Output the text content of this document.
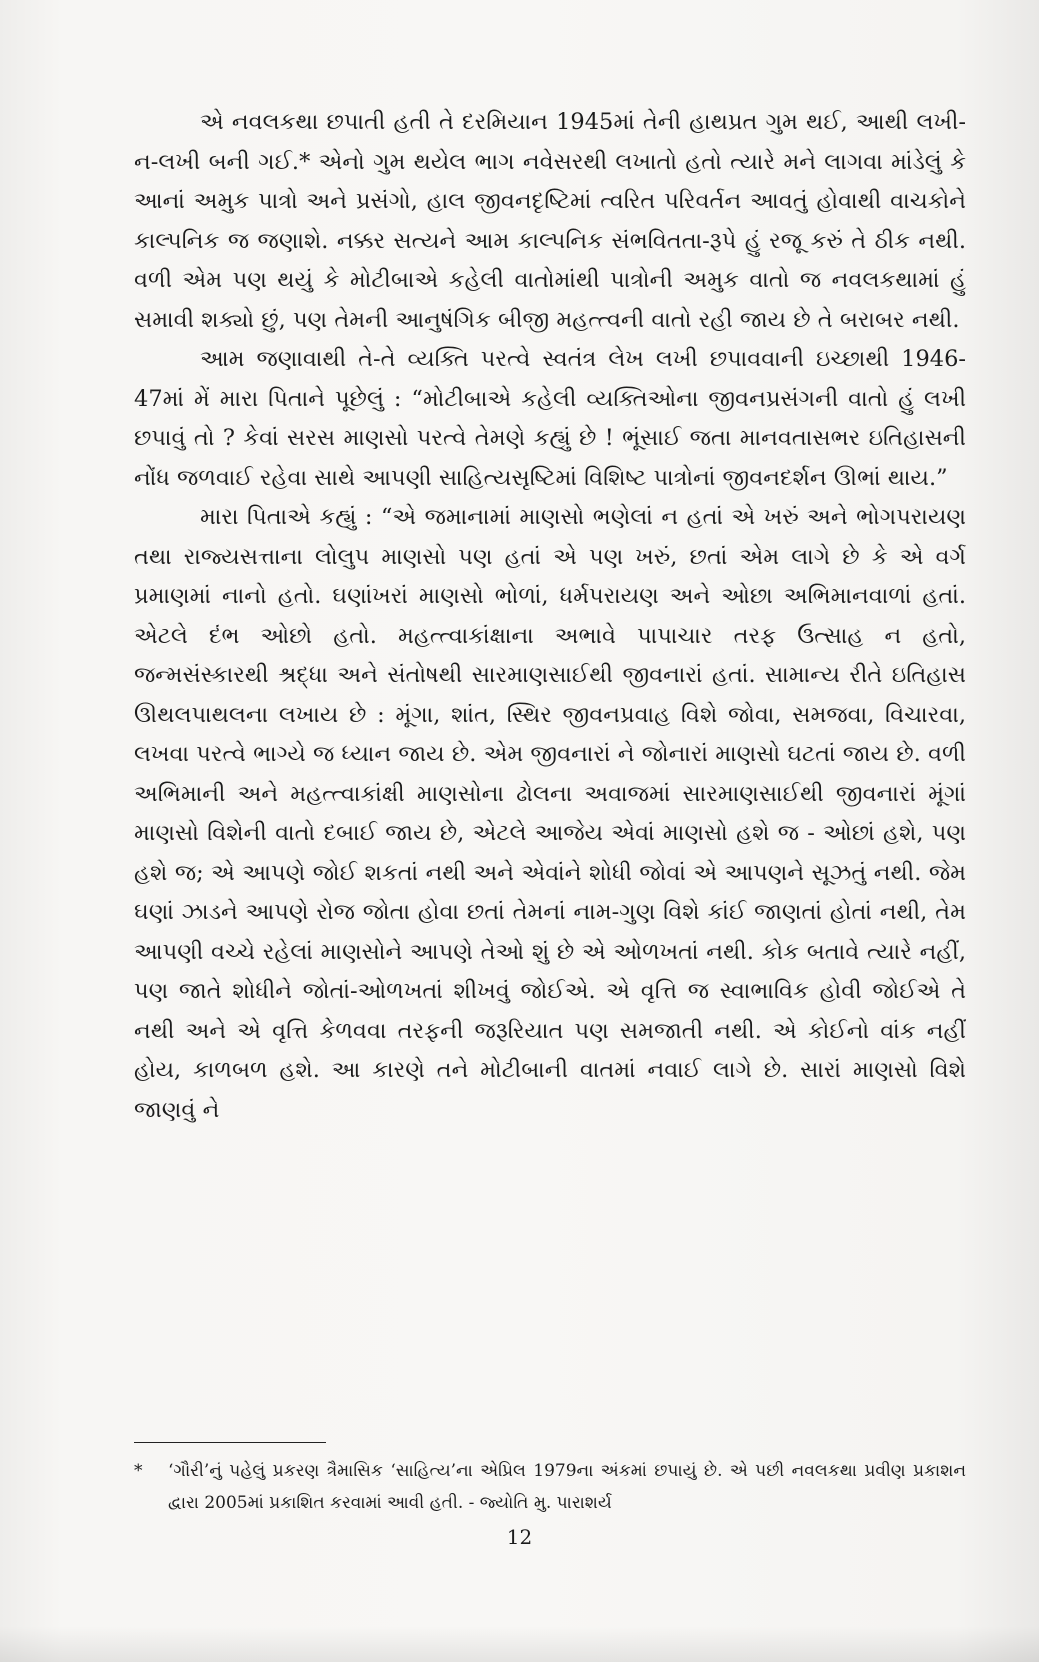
એ નવલકથા છપાતી હતી તે દરમિયાન 1945માં તેની હાથપ્રત ગુમ થઈ, આથી લખી-ન-લખી બની ગઈ.* એનો ગુમ થયેલ ભાગ નવેસરથી લખાતો હતો ત્યારે મને લાગવા માંડેલું કે આનાં અમુક પાત્રો અને પ્રસંગો, હાલ જીવનદૃષ્ટિમાં ત્વરિત પરિવર્તન આવતું હોવાથી વાચકોને કાલ્પનિક જ જણાશે. નક્કર સત્યને આમ કાલ્પનિક સંભવિતતા-રૂપે હું રજૂ કરું તે ઠીક નથી. વળી એમ પણ થયું કે મોટીબાએ કહેલી વાતોમાંથી પાત્રોની અમુક વાતો જ નવલકથામાં હું સમાવી શક્યો છું, પણ તેમની આનુષંગિક બીજી મહત્ત્વની વાતો રહી જાય છે તે બરાબર નથી.

આમ જણાવાથી તે-તે વ્યક્તિ પરત્વે સ્વતંત્ર લેખ લખી છપાવવાની ઇચ્છાથી 1946-47માં મેં મારા પિતાને પૂછેલું : “મોટીબાએ કહેલી વ્યક્તિઓના જીવનપ્રસંગની વાતો હું લખી છપાવું તો ? કેવાં સરસ માણસો પરત્વે તેમણે કહ્યું છે ! ભૂંસાઈ જતા માનવતાસભર ઇતિહાસની નોંધ જળવાઈ રહેવા સાથે આપણી સાહિત્યસૃષ્ટિમાં વિશિષ્ટ પાત્રોનાં જીવનદર્શન ઊભાં થાય.”

મારા પિતાએ કહ્યું : “એ જમાનામાં માણસો ભણેલાં ન હતાં એ ખરું અને ભોગપરાયણ તથા રાજ્યસત્તાના લોલુપ માણસો પણ હતાં એ પણ ખરું, છતાં એમ લાગે છે કે એ વર્ગ પ્રમાણમાં નાનો હતો. ઘણાંખરાં માણસો ભોળાં, ધર્મપરાયણ અને ઓછા અભિમાનવાળાં હતાં. એટલે દંભ ઓછો હતો. મહત્ત્વાકાંક્ષાના અભાવે પાપાચાર તરફ ઉત્સાહ ન હતો, જન્મસંસ્કારથી શ્રદ્ધા અને સંતોષથી સારમાણસાઈથી જીવનારાં હતાં. સામાન્ય રીતે ઇતિહાસ ઊથલપાથલના લખાય છે : મૂંગા, શાંત, સ્થિર જીવનપ્રવાહ વિશે જોવા, સમજવા, વિચારવા, લખવા પરત્વે ભાગ્યે જ ધ્યાન જાય છે. એમ જીવનારાં ને જોનારાં માણસો ઘટતાં જાય છે. વળી અભિમાની અને મહત્ત્વાકાંક્ષી માણસોના ઢોલના અવાજમાં સારમાણસાઈથી જીવનારાં મૂંગાં માણસો વિશેની વાતો દબાઈ જાય છે, એટલે આજેય એવાં માણસો હશે જ - ઓછાં હશે, પણ હશે જ; એ આપણે જોઈ શકતાં નથી અને એવાંને શોધી જોવાં એ આપણને સૂઝતું નથી. જેમ ઘણાં ઝાડને આપણે રોજ જોતા હોવા છતાં તેમનાં નામ-ગુણ વિશે કાંઈ જાણતાં હોતાં નથી, તેમ આપણી વચ્ચે રહેલાં માણસોને આપણે તેઓ શું છે એ ઓળખતાં નથી. કોક બતાવે ત્યારે નહીં, પણ જાતે શોધીને જોતાં-ઓળખતાં શીખવું જોઈએ. એ વૃત્તિ જ સ્વાભાવિક હોવી જોઈએ તે નથી અને એ વૃત્તિ કેળવવા તરફની જરૂરિયાત પણ સમજાતી નથી. એ કોઈનો વાંક નહીં હોય, કાળબળ હશે. આ કારણે તને મોટીબાની વાતમાં નવાઈ લાગે છે. સારાં માણસો વિશે જાણવું ને

* ‘ગૌરી’નું પહેલું પ્રકરણ ત્રૈમાસિક ‘સાહિત્ય’ના એપ્રિલ 1979ના અંકમાં છપાયું છે. એ પછી નવલકથા પ્રવીણ પ્રકાશન દ્વારા 2005માં પ્રકાશિત કરવામાં આવી હતી. - જ્યોતિ મુ. પારાશર્ય

12
